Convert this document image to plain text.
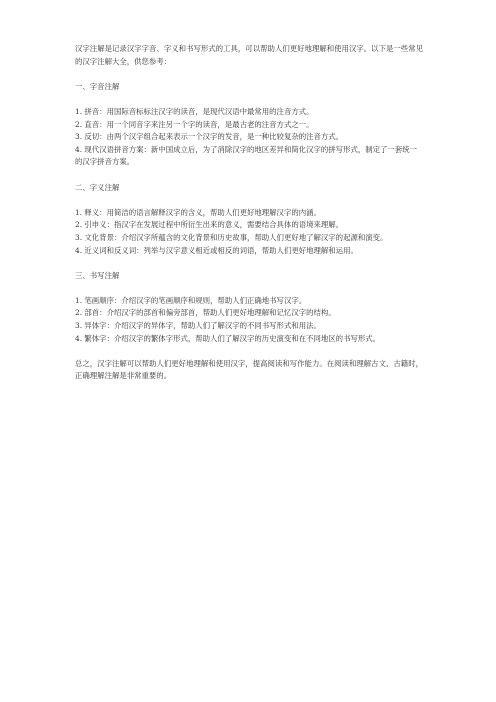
汉字注解是记录汉字字音、字义和书写形式的工具，可以帮助人们更好地理解和使用汉字。以下是一些常见的汉字注解大全，供您参考：

一、字音注解

1. 拼音：用国际音标标注汉字的读音，是现代汉语中最常用的注音方式。

2. 直音：用一个同音字来注另一个字的读音，是最古老的注音方式之一。

3. 反切：由两个汉字组合起来表示一个汉字的发音，是一种比较复杂的注音方式。

4. 现代汉语拼音方案：新中国成立后，为了消除汉字的地区差异和简化汉字的拼写形式，制定了一套统一的汉字拼音方案。

二、字义注解

1. 释义：用简洁的语言解释汉字的含义，帮助人们更好地理解汉字的内涵。

2. 引申义：指汉字在发展过程中所衍生出来的意义，需要结合具体的语境来理解。

3. 文化背景：介绍汉字所蕴含的文化背景和历史故事，帮助人们更好地了解汉字的起源和演变。

4. 近义词和反义词：列举与汉字意义相近或相反的词语，帮助人们更好地理解和运用。

三、书写注解

1. 笔画顺序：介绍汉字的笔画顺序和规则，帮助人们正确地书写汉字。

2. 部首：介绍汉字的部首和偏旁部首，帮助人们更好地理解和记忆汉字的结构。

3. 异体字：介绍汉字的异体字，帮助人们了解汉字的不同书写形式和用法。

4. 繁体字：介绍汉字的繁体字形式，帮助人们了解汉字的历史演变和在不同地区的书写形式。

总之，汉字注解可以帮助人们更好地理解和使用汉字，提高阅读和写作能力。在阅读和理解古文、古籍时，正确理解注解是非常重要的。
